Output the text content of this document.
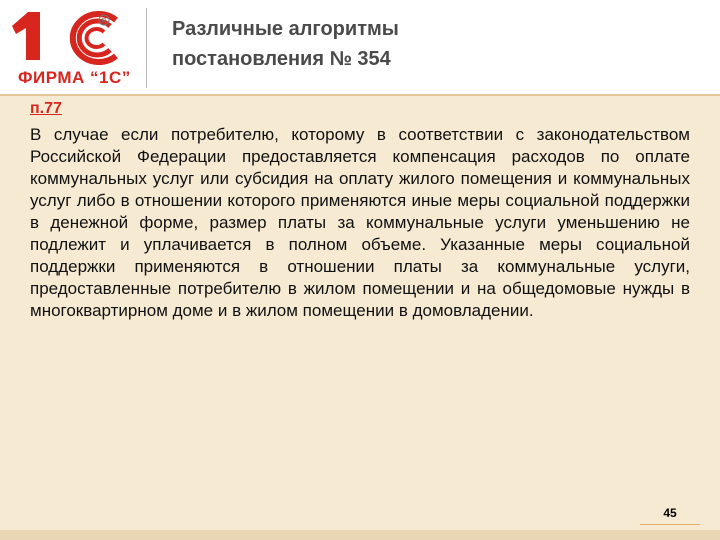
R
ФИРМА “1С”
Различные алгоритмы
постановления № 354
п.77
В случае если потребителю, которому в соответствии с законодательством Российской Федерации предоставляется компенсация расходов по оплате коммунальных услуг или субсидия на оплату жилого помещения и коммунальных услуг либо в отношении которого применяются иные меры социальной поддержки в денежной форме, размер платы за коммунальные услуги уменьшению не подлежит и уплачивается в полном объеме. Указанные меры социальной поддержки применяются в отношении платы за коммунальные услуги, предоставленные потребителю в жилом помещении и на общедомовые нужды в многоквартирном доме и в жилом помещении в домовладении.
45
